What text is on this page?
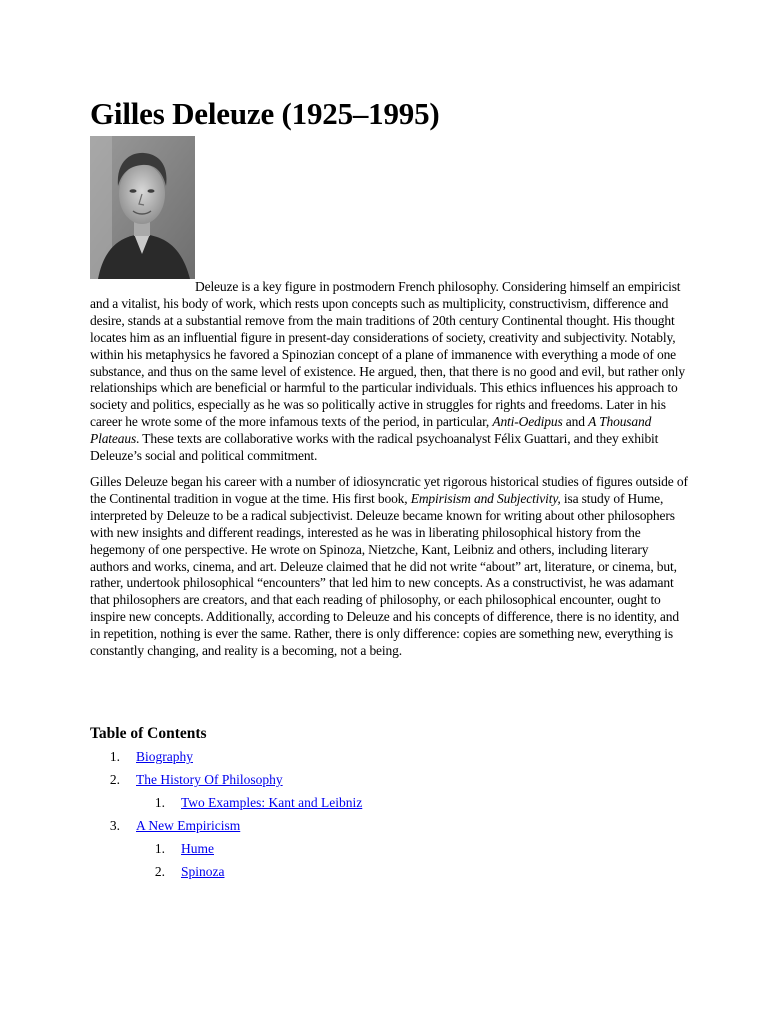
Gilles Deleuze (1925–1995)

Deleuze is a key figure in postmodern French philosophy. Considering himself an empiricist and a vitalist, his body of work, which rests upon concepts such as multiplicity, constructivism, difference and desire, stands at a substantial remove from the main traditions of 20th century Continental thought. His thought locates him as an influential figure in present-day considerations of society, creativity and subjectivity. Notably, within his metaphysics he favored a Spinozian concept of a plane of immanence with everything a mode of one substance, and thus on the same level of existence. He argued, then, that there is no good and evil, but rather only relationships which are beneficial or harmful to the particular individuals. This ethics influences his approach to society and politics, especially as he was so politically active in struggles for rights and freedoms. Later in his career he wrote some of the more infamous texts of the period, in particular, Anti-Oedipus and A Thousand Plateaus. These texts are collaborative works with the radical psychoanalyst Félix Guattari, and they exhibit Deleuze’s social and political commitment.

Gilles Deleuze began his career with a number of idiosyncratic yet rigorous historical studies of figures outside of the Continental tradition in vogue at the time. His first book, Empirisism and Subjectivity, isa study of Hume, interpreted by Deleuze to be a radical subjectivist. Deleuze became known for writing about other philosophers with new insights and different readings, interested as he was in liberating philosophical history from the hegemony of one perspective. He wrote on Spinoza, Nietzche, Kant, Leibniz and others, including literary authors and works, cinema, and art. Deleuze claimed that he did not write “about” art, literature, or cinema, but, rather, undertook philosophical “encounters” that led him to new concepts. As a constructivist, he was adamant that philosophers are creators, and that each reading of philosophy, or each philosophical encounter, ought to inspire new concepts. Additionally, according to Deleuze and his concepts of difference, there is no identity, and in repetition, nothing is ever the same. Rather, there is only difference: copies are something new, everything is constantly changing, and reality is a becoming, not a being.

Table of Contents
1. Biography
2. The History Of Philosophy
1. Two Examples: Kant and Leibniz
3. A New Empiricism
1. Hume
2. Spinoza
